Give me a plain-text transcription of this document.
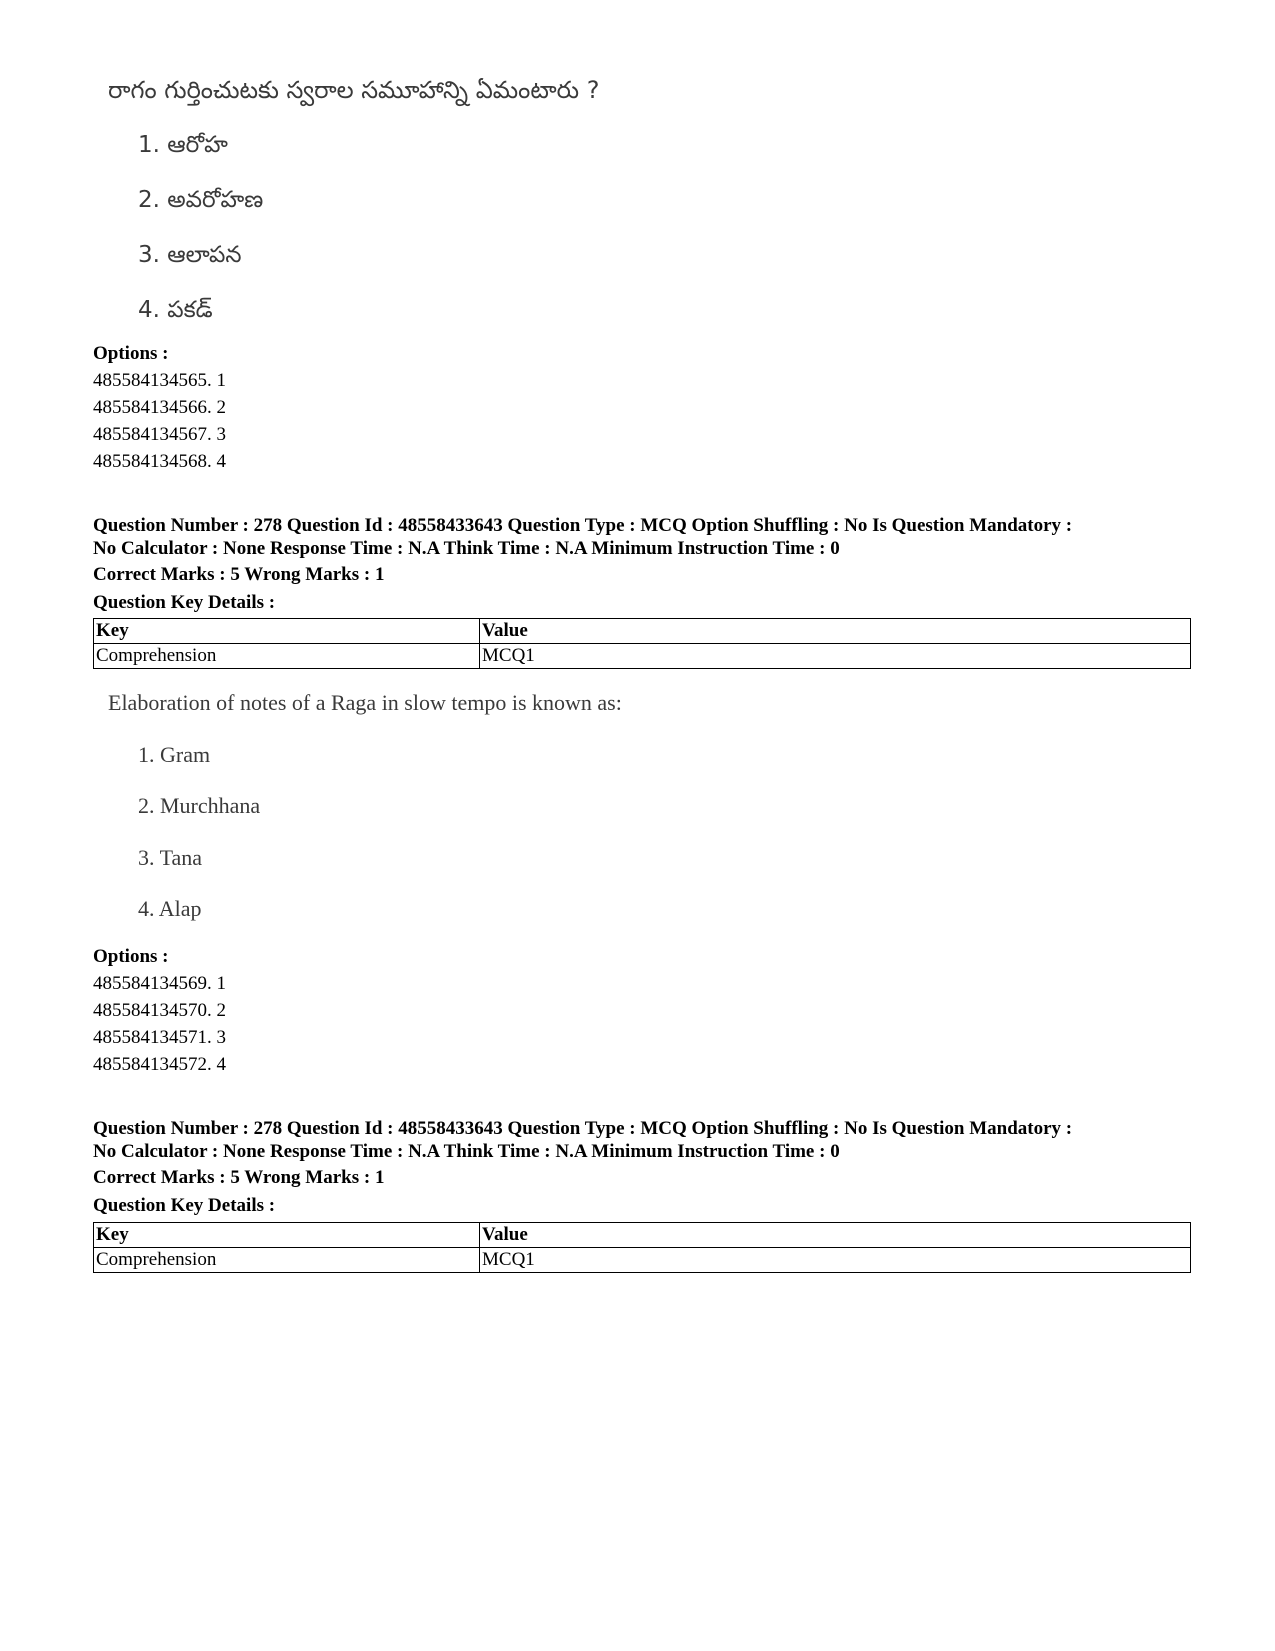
రాగం గుర్తించుటకు స్వరాల సమూహాన్ని ఏమంటారు ?
1. ఆరోహ
2. అవరోహణ
3. ఆలాపన
4. పకడ్
Options :
485584134565. 1
485584134566. 2
485584134567. 3
485584134568. 4
Question Number : 278 Question Id : 48558433643 Question Type : MCQ Option Shuffling : No Is Question Mandatory :
No Calculator : None Response Time : N.A Think Time : N.A Minimum Instruction Time : 0
Correct Marks : 5 Wrong Marks : 1
Question Key Details :
Key	Value
Comprehension	MCQ1
Elaboration of notes of a Raga in slow tempo is known as:
1. Gram
2. Murchhana
3. Tana
4. Alap
Options :
485584134569. 1
485584134570. 2
485584134571. 3
485584134572. 4
Question Number : 278 Question Id : 48558433643 Question Type : MCQ Option Shuffling : No Is Question Mandatory :
No Calculator : None Response Time : N.A Think Time : N.A Minimum Instruction Time : 0
Correct Marks : 5 Wrong Marks : 1
Question Key Details :
Key	Value
Comprehension	MCQ1
